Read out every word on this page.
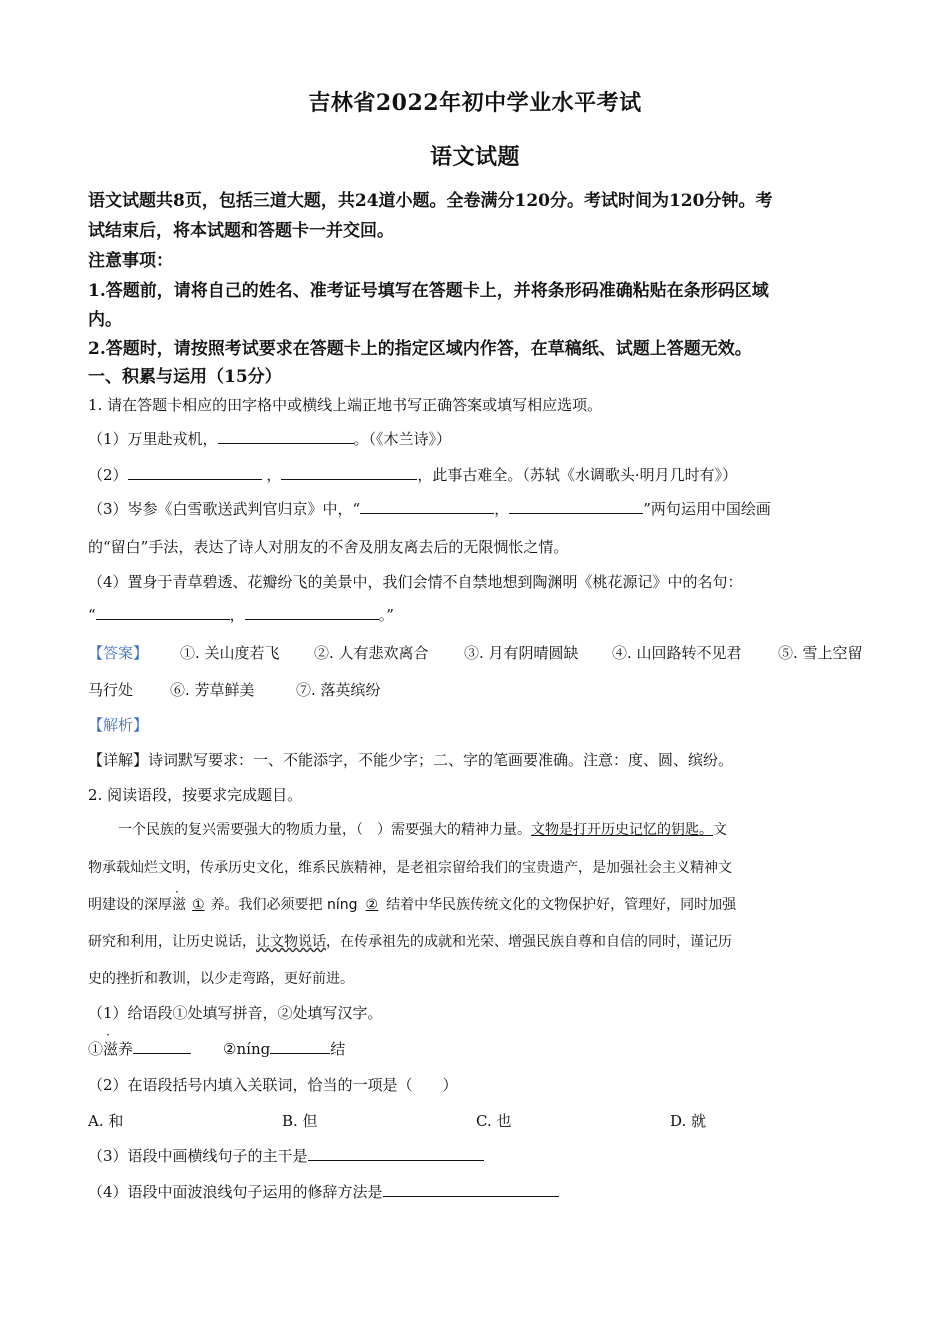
吉林省2022年初中学业水平考试
语文试题
语文试题共8页，包括三道大题，共24道小题。全卷满分120分。考试时间为120分钟。考
试结束后，将本试题和答题卡一并交回。
注意事项：
1.答题前，请将自己的姓名、准考证号填写在答题卡上，并将条形码准确粘贴在条形码区域
内。
2.答题时，请按照考试要求在答题卡上的指定区域内作答，在草稿纸、试题上答题无效。
一、积累与运用（15分）
1. 请在答题卡相应的田字格中或横线上端正地书写正确答案或填写相应选项。
（1）万里赴戎机，	。（《木兰诗》）
（2）	，	，此事古难全。（苏轼《水调歌头·明月几时有》）
（3）岑参《白雪歌送武判官归京》中，“	，	”两句运用中国绘画
的“留白”手法，表达了诗人对朋友的不舍及朋友离去后的无限惆怅之情。
（4）置身于青草碧透、花瓣纷飞的美景中，我们会情不自禁地想到陶渊明《桃花源记》中的名句：
“	，	。”
【答案】 ①. 关山度若飞 ②. 人有悲欢离合 ③. 月有阴晴圆缺 ④. 山回路转不见君 ⑤. 雪上空留
马行处 ⑥. 芳草鲜美	⑦. 落英缤纷
【解析】
【详解】诗词默写要求：一、不能添字，不能少字；二、字的笔画要准确。注意：度、圆、缤纷。
2. 阅读语段，按要求完成题目。
一个民族的复兴需要强大的物质力量，（　）需要强大的精神力量。文物是打开历史记忆的钥匙。文
物承载灿烂文明，传承历史文化，维系民族精神，是老祖宗留给我们的宝贵遗产，是加强社会主义精神文
明建设的深厚滋 ① 养。我们必须要把 níng ② 结着中华民族传统文化的文物保护好，管理好，同时加强
研究和利用，让历史说话，让文物说话，在传承祖先的成就和光荣、增强民族自尊和自信的同时，谨记历
史的挫折和教训，以少走弯路，更好前进。
（1）给语段①处填写拼音，②处填写汉字。
①滋养	②níng	结
（2）在语段括号内填入关联词，恰当的一项是（　　）
A. 和	B. 但	C. 也	D. 就
（3）语段中画横线句子的主干是
（4）语段中面波浪线句子运用的修辞方法是
